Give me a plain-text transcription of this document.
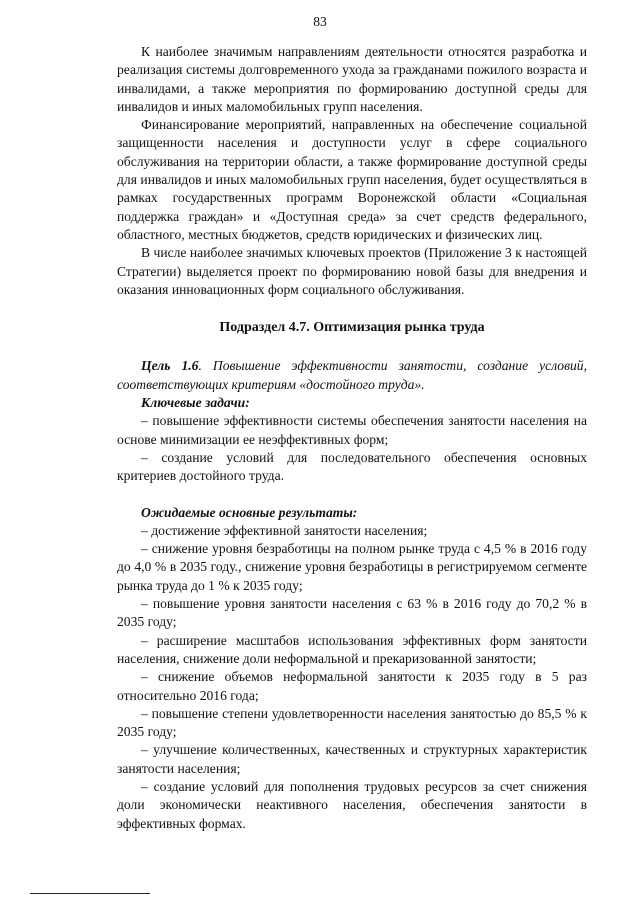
83

К наиболее значимым направлениям деятельности относятся разработка и реализация системы долговременного ухода за гражданами пожилого возраста и инвалидами, а также мероприятия по формированию доступной среды для инвалидов и иных маломобильных групп населения.

Финансирование мероприятий, направленных на обеспечение социальной защищенности населения и доступности услуг в сфере социального обслуживания на территории области, а также формирование доступной среды для инвалидов и иных маломобильных групп населения, будет осуществляться в рамках государственных программ Воронежской области «Социальная поддержка граждан» и «Доступная среда» за счет средств федерального, областного, местных бюджетов, средств юридических и физических лиц.

В числе наиболее значимых ключевых проектов (Приложение 3 к настоящей Стратегии) выделяется проект по формированию новой базы для внедрения и оказания инновационных форм социального обслуживания.

Подраздел 4.7. Оптимизация рынка труда

Цель 1.6. Повышение эффективности занятости, создание условий, соответствующих критериям «достойного труда».

Ключевые задачи:

– повышение эффективности системы обеспечения занятости населения на основе минимизации ее неэффективных форм;

– создание условий для последовательного обеспечения основных критериев достойного труда.

Ожидаемые основные результаты:

– достижение эффективной занятости населения;

– снижение уровня безработицы на полном рынке труда с 4,5 % в 2016 году до 4,0 % в 2035 году., снижение уровня безработицы в регистрируемом сегменте рынка труда до 1 % к 2035 году;

– повышение уровня занятости населения с 63 % в 2016 году до 70,2 % в 2035 году;

– расширение масштабов использования эффективных форм занятости населения, снижение доли неформальной и прекаризованной занятости;

– снижение объемов неформальной занятости к 2035 году в 5 раз относительно 2016 года;

– повышение степени удовлетворенности населения занятостью до 85,5 % к 2035 году;

– улучшение количественных, качественных и структурных характеристик занятости населения;

– создание условий для пополнения трудовых ресурсов за счет снижения доли экономически неактивного населения, обеспечения занятости в эффективных формах.
